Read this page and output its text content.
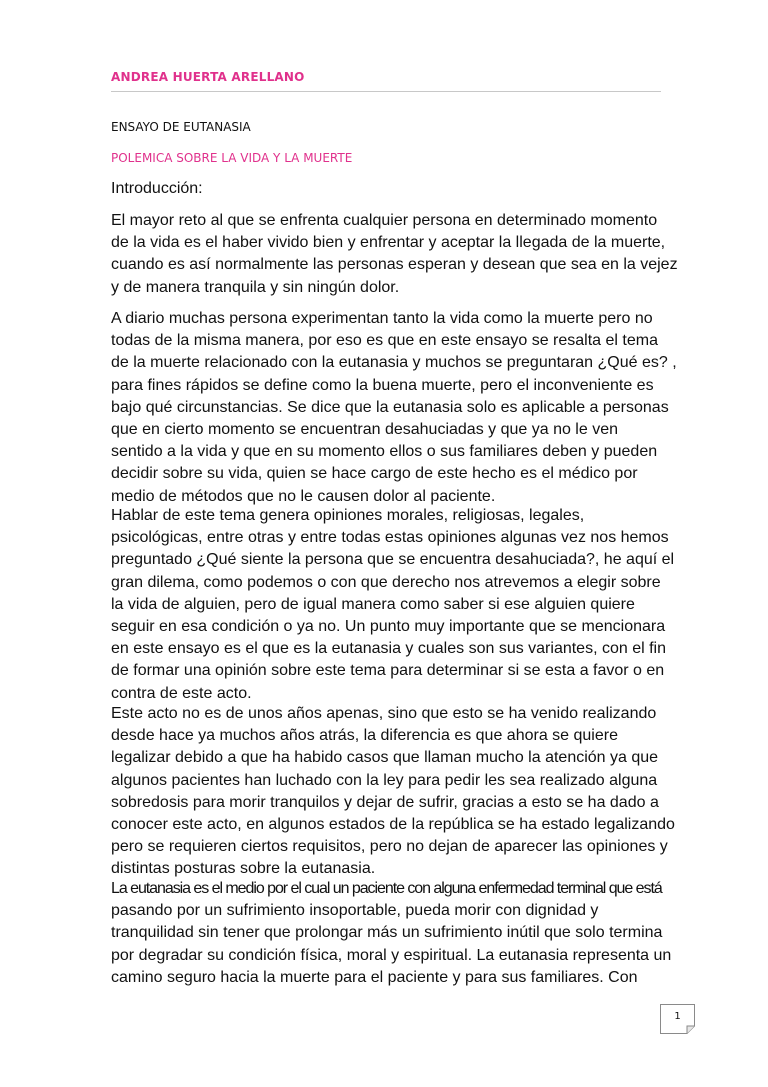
ANDREA HUERTA ARELLANO
ENSAYO DE EUTANASIA
POLEMICA SOBRE LA VIDA Y LA MUERTE
Introducción:
El mayor reto al que se enfrenta cualquier persona en determinado momento
de la vida es el haber vivido bien y enfrentar y aceptar la llegada de la muerte,
cuando es así normalmente las personas esperan y desean que sea en la vejez
y de manera tranquila y sin ningún dolor.
A diario muchas persona experimentan tanto la vida como la muerte pero no
todas de la misma manera, por eso es que en este ensayo se resalta el tema
de la muerte relacionado con la eutanasia y muchos se preguntaran ¿Qué es? ,
para fines rápidos se define como la buena muerte, pero el inconveniente es
bajo qué circunstancias. Se dice que la eutanasia solo es aplicable a personas
que en cierto momento se encuentran desahuciadas y que ya no le ven
sentido a la vida y que en su momento ellos o sus familiares deben y pueden
decidir sobre su vida, quien se hace cargo de este hecho es el médico por
medio de métodos que no le causen dolor al paciente.
Hablar de este tema genera opiniones morales, religiosas, legales,
psicológicas, entre otras y entre todas estas opiniones algunas vez nos hemos
preguntado ¿Qué siente la persona que se encuentra desahuciada?, he aquí el
gran dilema, como podemos o con que derecho nos atrevemos a elegir sobre
la vida de alguien, pero de igual manera como saber si ese alguien quiere
seguir en esa condición o ya no. Un punto muy importante que se mencionara
en este ensayo es el que es la eutanasia y cuales son sus variantes, con el fin
de formar una opinión sobre este tema para determinar si se esta a favor o en
contra de este acto.
Este acto no es de unos años apenas, sino que esto se ha venido realizando
desde hace ya muchos años atrás, la diferencia es que ahora se quiere
legalizar debido a que ha habido casos que llaman mucho la atención ya que
algunos pacientes han luchado con la ley para pedir les sea realizado alguna
sobredosis para morir tranquilos y dejar de sufrir, gracias a esto se ha dado a
conocer este acto, en algunos estados de la república se ha estado legalizando
pero se requieren ciertos requisitos, pero no dejan de aparecer las opiniones y
distintas posturas sobre la eutanasia.
La eutanasia es el medio por el cual un paciente con alguna enfermedad terminal que está
pasando por un sufrimiento insoportable, pueda morir con dignidad y
tranquilidad sin tener que prolongar más un sufrimiento inútil que solo termina
por degradar su condición física, moral y espiritual. La eutanasia representa un
camino seguro hacia la muerte para el paciente y para sus familiares. Con
1
